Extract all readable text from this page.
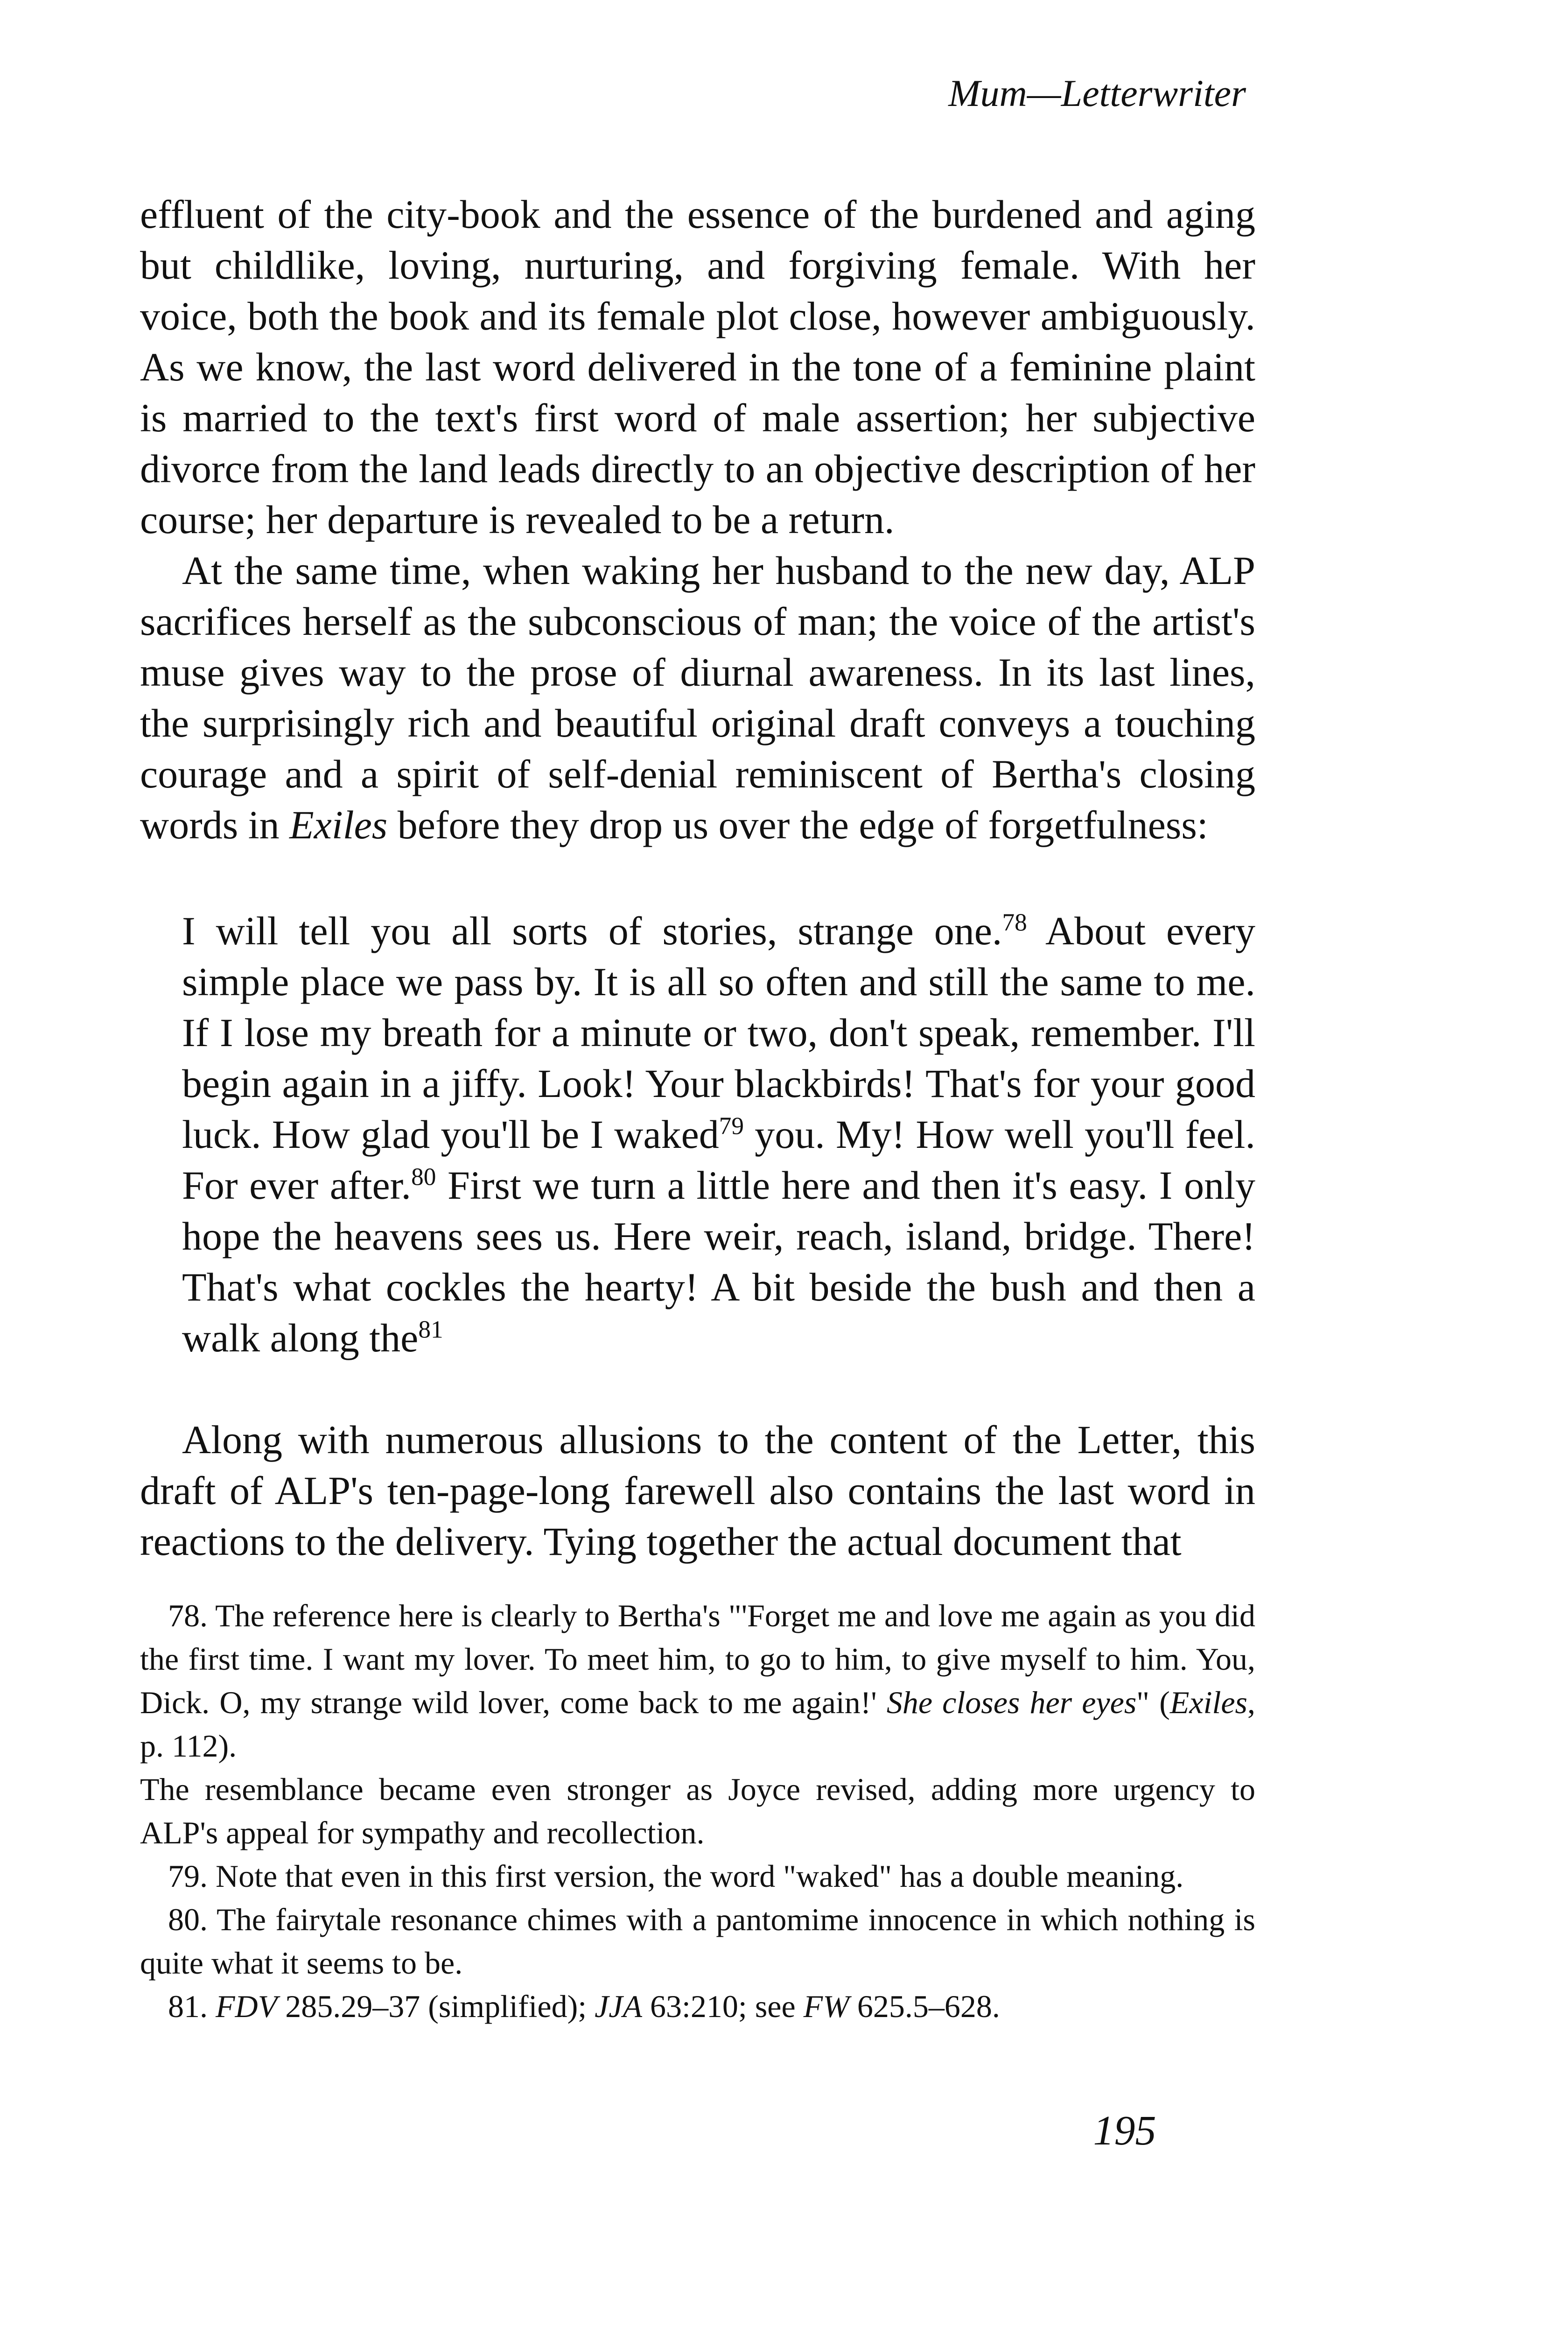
Mum—Letterwriter

effluent of the city-book and the essence of the burdened and aging but childlike, loving, nurturing, and forgiving female. With her voice, both the book and its female plot close, however ambiguously. As we know, the last word delivered in the tone of a feminine plaint is married to the text's first word of male assertion; her subjective divorce from the land leads directly to an objective description of her course; her departure is revealed to be a return.

At the same time, when waking her husband to the new day, ALP sacrifices herself as the subconscious of man; the voice of the artist's muse gives way to the prose of diurnal awareness. In its last lines, the surprisingly rich and beautiful original draft conveys a touching courage and a spirit of self-denial reminiscent of Bertha's closing words in Exiles before they drop us over the edge of forgetfulness:

I will tell you all sorts of stories, strange one.$^{78}$ About every simple place we pass by. It is all so often and still the same to me. If I lose my breath for a minute or two, don't speak, remember. I'll begin again in a jiffy. Look! Your blackbirds! That's for your good luck. How glad you'll be I waked$^{79}$ you. My! How well you'll feel. For ever after.$^{80}$ First we turn a little here and then it's easy. I only hope the heavens sees us. Here weir, reach, island, bridge. There! That's what cockles the hearty! A bit beside the bush and then a walk along the$^{81}$

Along with numerous allusions to the content of the Letter, this draft of ALP's ten-page-long farewell also contains the last word in reactions to the delivery. Tying together the actual document that

78. The reference here is clearly to Bertha's "'Forget me and love me again as you did the first time. I want my lover. To meet him, to go to him, to give myself to him. You, Dick. O, my strange wild lover, come back to me again!' She closes her eyes" (Exiles, p. 112).

The resemblance became even stronger as Joyce revised, adding more urgency to ALP's appeal for sympathy and recollection.

79. Note that even in this first version, the word "waked" has a double meaning.

80. The fairytale resonance chimes with a pantomime innocence in which nothing is quite what it seems to be.

81. FDV 285.29–37 (simplified); JJA 63:210; see FW 625.5–628.

195
